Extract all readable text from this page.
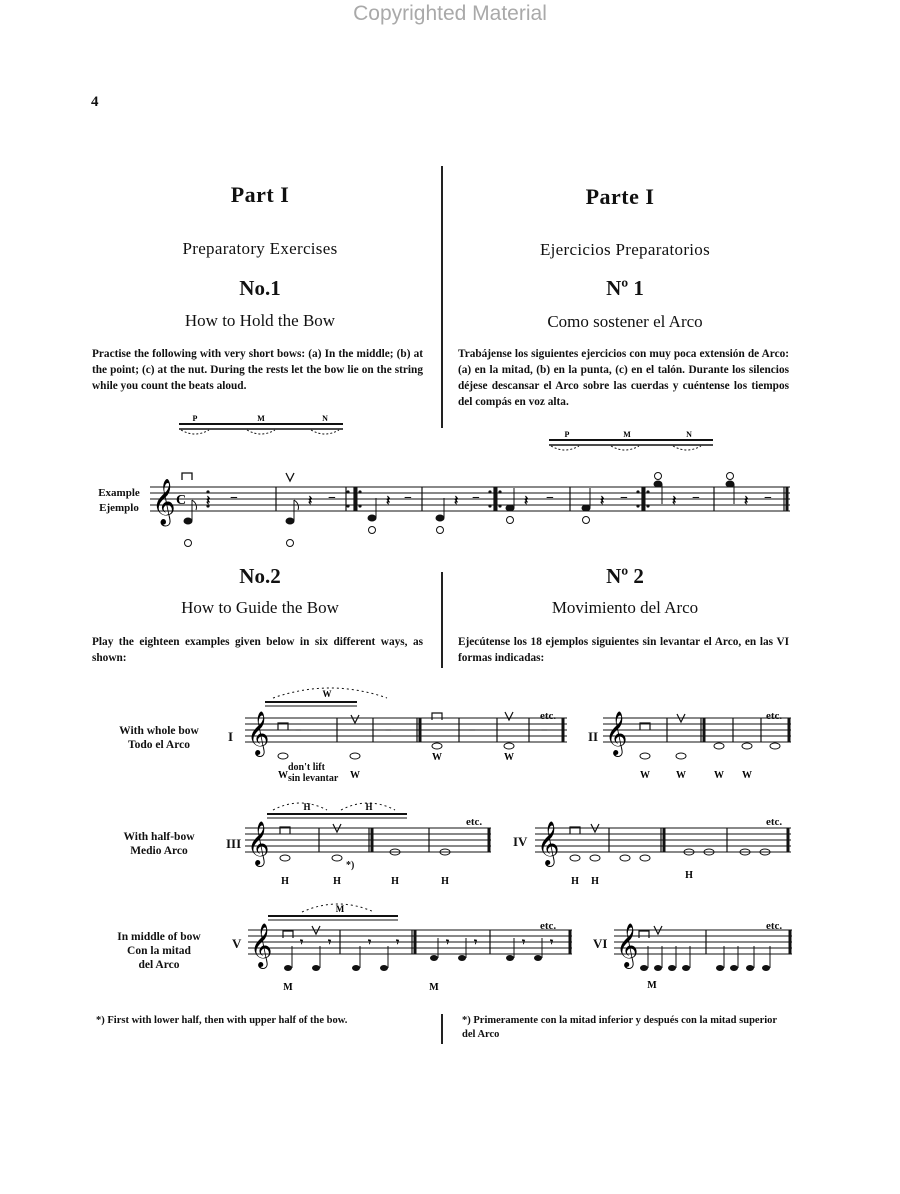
Copyrighted Material
4
Part I
Preparatory Exercises
No.1
How to Hold the Bow
Practise the following with very short bows: (a) In the middle; (b) at the point; (c) at the nut. During the rests let the bow lie on the string while you count the beats aloud.
No.2
How to Guide the Bow
Play the eighteen examples given below in six different ways, as shown:
*) First with lower half, then with upper half of the bow.
Parte I
Ejercicios Preparatorios
Nº 1
Como sostener el Arco
Trabájense los siguientes ejercicios con muy poca extensión de Arco: (a) en la mitad, (b) en la punta, (c) en el talón. Durante los silencios déjese descansar el Arco sobre las cuerdas y cuéntense los tiempos del compás en voz alta.
Nº 2
Movimiento del Arco
Ejecútense los 18 ejemplos siguientes sin levantar el Arco, en las VI formas indicadas:
*) Primeramente con la mitad inferior y después con la mitad superior del Arco
P	M	N
P	M	N
Example
Ejemplo 𝄞 C 𝄽 −	𝄽 −	𝄽 −	𝄽 −	𝄽 −	𝄽 −	𝄽 −	𝄽 −
With whole bow
Todo el Arco
I	II
etc.	etc.
don't lift
sin levantar
W
𝄞 −	−	−	−
W	W
W	W
𝄞
W	W	W W
With half-bow
Medio Arco	III	IV
etc.	etc.
*)
H	H
𝄞
H	H	H	H
𝄞
H H
H
In middle of bow
Con la mitad
del Arco
V	VI
etc.	etc.
M
𝄞 𝄾 𝄾	𝄾 𝄾	𝄾 𝄾	𝄾 𝄾
M	M
𝄞
M
